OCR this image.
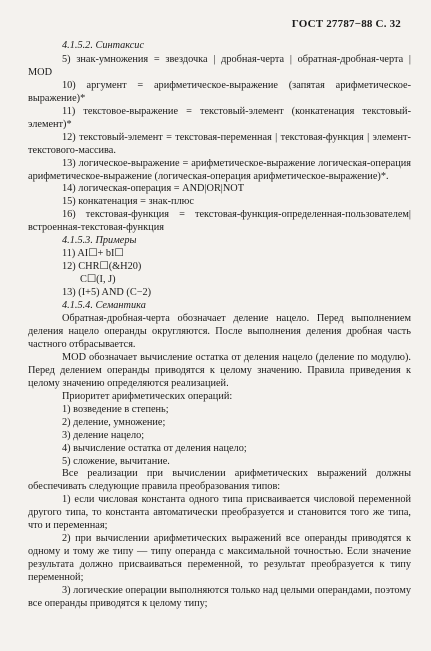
ГОСТ 27787−88 С. 32

4.1.5.2. Синтаксис

5) знак-умножения = звездочка | дробная-черта | обратная-дробная-черта | MOD

10) аргумент = арифметическое-выражение (запятая арифметическое-выражение)*

11) текстовое-выражение = текстовый-элемент (конкатенация текстовый-элемент)*

12) текстовый-элемент = текстовая-переменная | текстовая-функция | элемент-текстового-массива.

13) логическое-выражение = арифметическое-выражение логическая-операция арифметическое-выражение (логическая-операция арифметическое-выражение)*.

14) логическая-операция = AND|OR|NOT

15) конкатенация = знак-плюс

16) текстовая-функция = текстовая-функция-определенная-пользователем|встроенная-текстовая-функция

4.1.5.3. Примеры

11) AI☐+ bI☐

12) CHR☐(&H20)

C☐(I, J)

13) (I+5) AND (C−2)

4.1.5.4. Семантика

Обратная-дробная-черта обозначает деление нацело. Перед выполнением деления нацело операнды округляются. После выполнения деления дробная часть частного отбрасывается.

MOD обозначает вычисление остатка от деления нацело (деление по модулю). Перед делением операнды приводятся к целому значению. Правила приведения к целому значению определяются реализацией.

Приоритет арифметических операций:

1) возведение в степень;

2) деление, умножение;

3) деление нацело;

4) вычисление остатка от деления нацело;

5) сложение, вычитание.

Все реализации при вычислении арифметических выражений должны обеспечивать следующие правила преобразования типов:

1) если числовая константа одного типа присваивается числовой переменной другого типа, то константа автоматически преобразуется и становится того же типа, что и переменная;

2) при вычислении арифметических выражений все операнды приводятся к одному и тому же типу — типу операнда с максимальной точностью. Если значение результата должно присваиваться переменной, то результат преобразуется к типу переменной;

3) логические операции выполняются только над целыми операндами, поэтому все операнды приводятся к целому типу;
